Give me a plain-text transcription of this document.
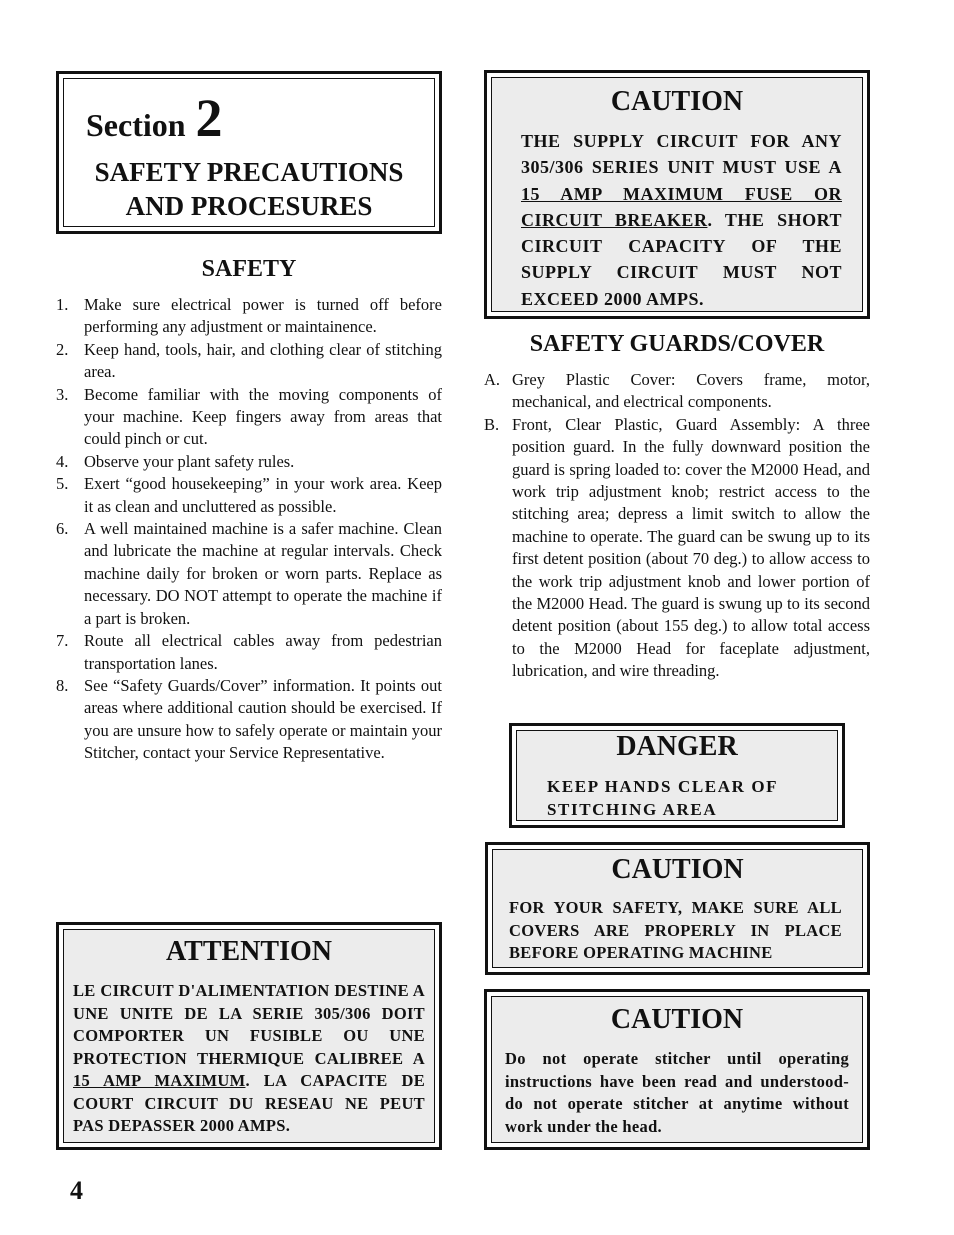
Section 2
SAFETY PRECAUTIONS
AND PROCESURES
SAFETY
1. Make sure electrical power is turned off before performing any adjustment or maintainence.
2. Keep hand, tools, hair, and clothing clear of stitching area.
3. Become familiar with the moving components of your machine. Keep fingers away from areas that could pinch or cut.
4. Observe your plant safety rules.
5. Exert “good housekeeping” in your work area. Keep it as clean and uncluttered as possible.
6. A well maintained machine is a safer machine. Clean and lubricate the machine at regular intervals. Check machine daily for broken or worn parts. Replace as necessary. DO NOT attempt to operate the machine if a part is broken.
7. Route all electrical cables away from pedestrian transportation lanes.
8. See “Safety Guards/Cover” information. It points out areas where additional caution should be exercised. If you are unsure how to safely operate or maintain your Stitcher, contact your Service Representative.
CAUTION
THE SUPPLY CIRCUIT FOR ANY 305/306 SERIES UNIT MUST USE A 15 AMP MAXIMUM FUSE OR CIRCUIT BREAKER. THE SHORT CIRCUIT CAPACITY OF THE SUPPLY CIRCUIT MUST NOT EXCEED 2000 AMPS.
SAFETY GUARDS/COVER
A. Grey Plastic Cover: Covers frame, motor, mechanical, and electrical components.
B. Front, Clear Plastic, Guard Assembly: A three position guard. In the fully downward position the guard is spring loaded to: cover the M2000 Head, and work trip adjustment knob; restrict access to the stitching area; depress a limit switch to allow the machine to operate. The guard can be swung up to its first detent position (about 70 deg.) to allow access to the work trip adjustment knob and lower portion of the M2000 Head. The guard is swung up to its second detent position (about 155 deg.) to allow total access to the M2000 Head for faceplate adjustment, lubrication, and wire threading.
DANGER
KEEP HANDS CLEAR OF
STITCHING AREA
CAUTION
FOR YOUR SAFETY, MAKE SURE ALL COVERS ARE PROPERLY IN PLACE BEFORE OPERATING MACHINE
CAUTION
Do not operate stitcher until operating instructions have been read and understood- do not operate stitcher at anytime without work under the head.
ATTENTION
LE CIRCUIT D'ALIMENTATION DESTINE A UNE UNITE DE LA SERIE 305/306 DOIT COMPORTER UN FUSIBLE OU UNE PROTECTION THERMIQUE CALIBREE A 15 AMP MAXIMUM. LA CAPACITE DE COURT CIRCUIT DU RESEAU NE PEUT PAS DEPASSER 2000 AMPS.
4
